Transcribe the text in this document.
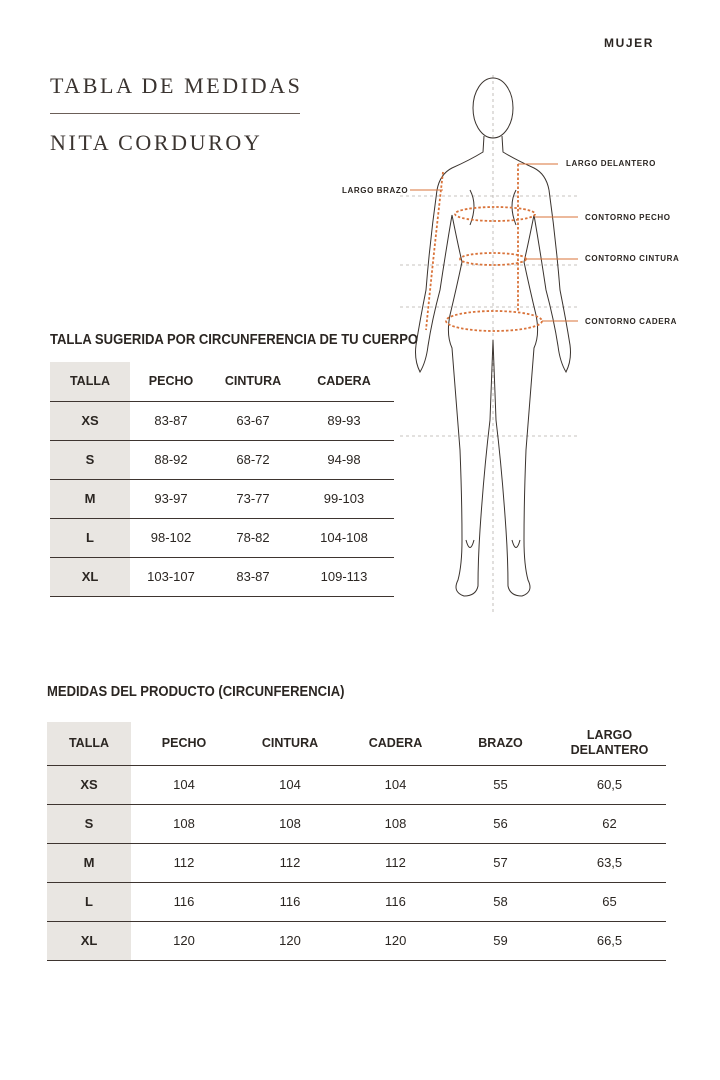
MUJER
TABLA DE MEDIDAS
NITA CORDUROY
LARGO DELANTERO
LARGO BRAZO
CONTORNO PECHO
CONTORNO CINTURA
CONTORNO CADERA
TALLA SUGERIDA POR CIRCUNFERENCIA DE TU CUERPO
TALLA	PECHO	CINTURA	CADERA
XS	83-87	63-67	89-93
S	88-92	68-72	94-98
M	93-97	73-77	99-103
L	98-102	78-82	104-108
XL	103-107	83-87	109-113
MEDIDAS DEL PRODUCTO (CIRCUNFERENCIA)
TALLA	PECHO	CINTURA	CADERA	BRAZO	LARGO
DELANTERO
XS	104	104	104	55	60,5
S	108	108	108	56	62
M	112	112	112	57	63,5
L	116	116	116	58	65
XL	120	120	120	59	66,5
